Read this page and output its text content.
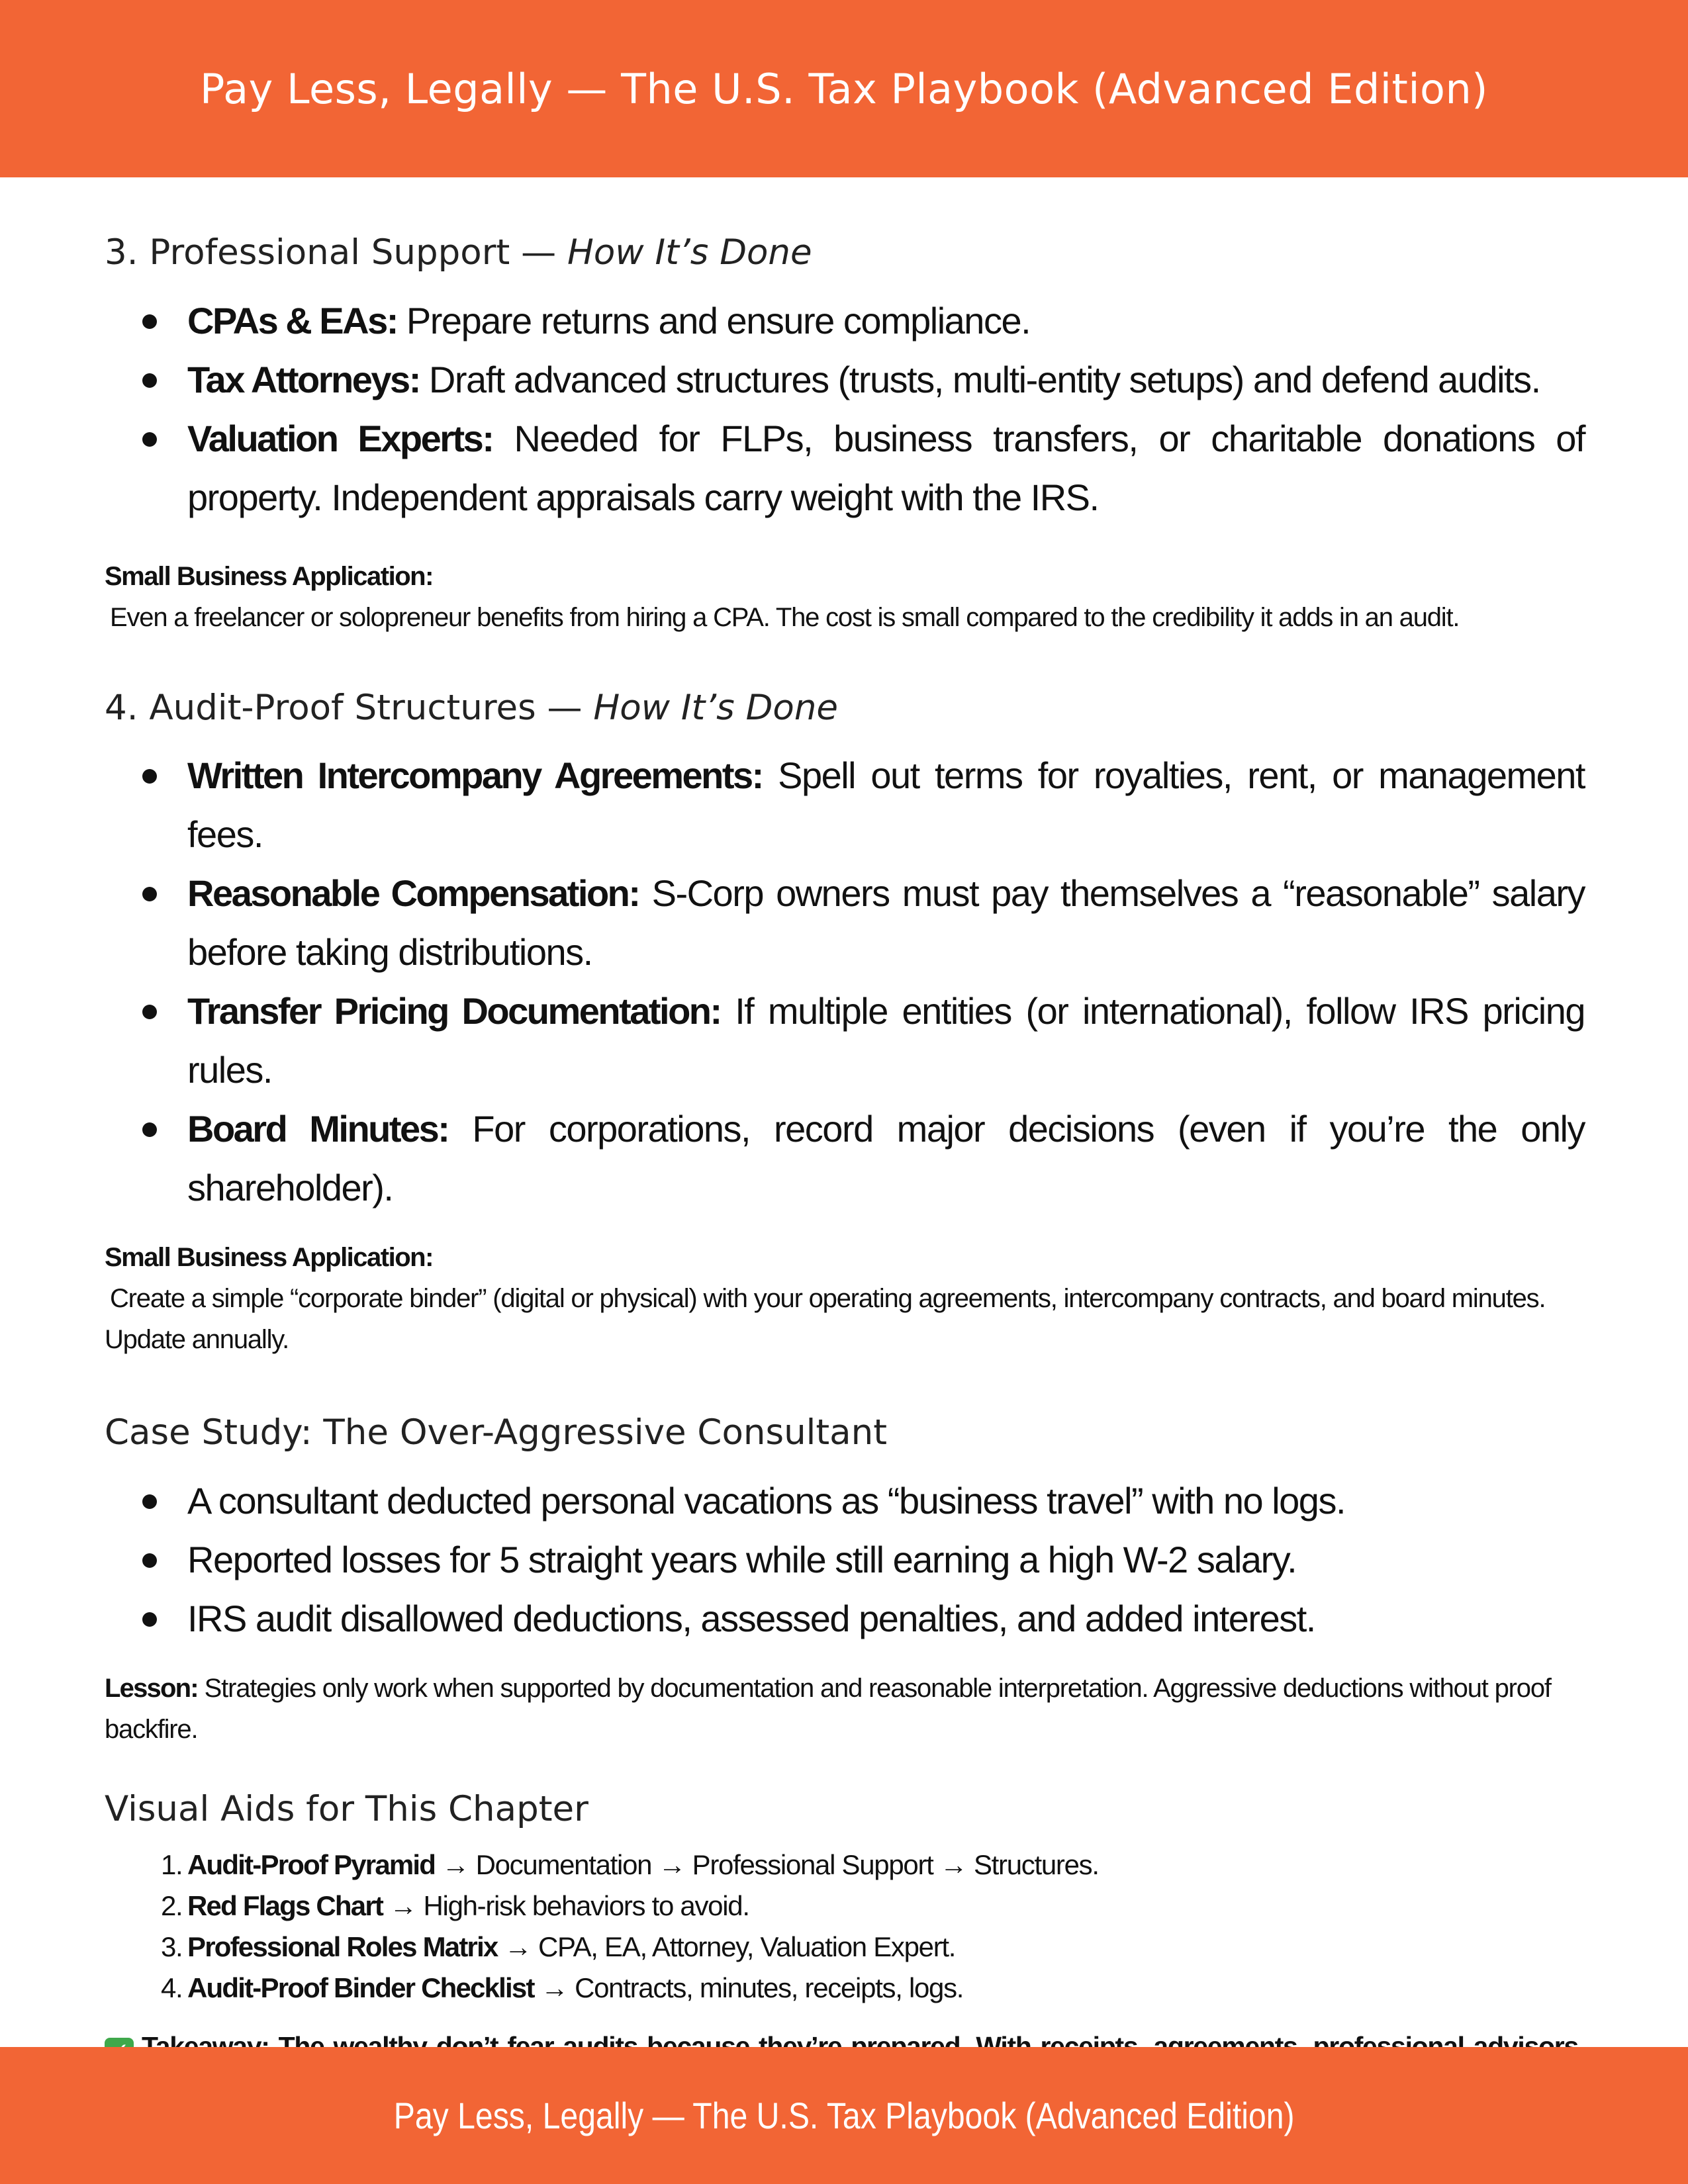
Pay Less, Legally — The U.S. Tax Playbook (Advanced Edition)
3. Professional Support — How It’s Done
CPAs & EAs: Prepare returns and ensure compliance.
Tax Attorneys: Draft advanced structures (trusts, multi-entity setups) and defend audits.
Valuation Experts: Needed for FLPs, business transfers, or charitable donations of property. Independent appraisals carry weight with the IRS.
Small Business Application:
Even a freelancer or solopreneur benefits from hiring a CPA. The cost is small compared to the credibility it adds in an audit.
4. Audit-Proof Structures — How It’s Done
Written Intercompany Agreements: Spell out terms for royalties, rent, or management fees.
Reasonable Compensation: S-Corp owners must pay themselves a “reasonable” salary before taking distributions.
Transfer Pricing Documentation: If multiple entities (or international), follow IRS pricing rules.
Board Minutes: For corporations, record major decisions (even if you’re the only shareholder).
Small Business Application:
Create a simple “corporate binder” (digital or physical) with your operating agreements, intercompany contracts, and board minutes. Update annually.
Case Study: The Over-Aggressive Consultant
A consultant deducted personal vacations as “business travel” with no logs.
Reported losses for 5 straight years while still earning a high W-2 salary.
IRS audit disallowed deductions, assessed penalties, and added interest.
Lesson: Strategies only work when supported by documentation and reasonable interpretation. Aggressive deductions without proof backfire.
Visual Aids for This Chapter
1. Audit-Proof Pyramid → Documentation → Professional Support → Structures.
2. Red Flags Chart → High-risk behaviors to avoid.
3. Professional Roles Matrix → CPA, EA, Attorney, Valuation Expert.
4. Audit-Proof Binder Checklist → Contracts, minutes, receipts, logs.
Pay Less, Legally — The U.S. Tax Playbook (Advanced Edition)
